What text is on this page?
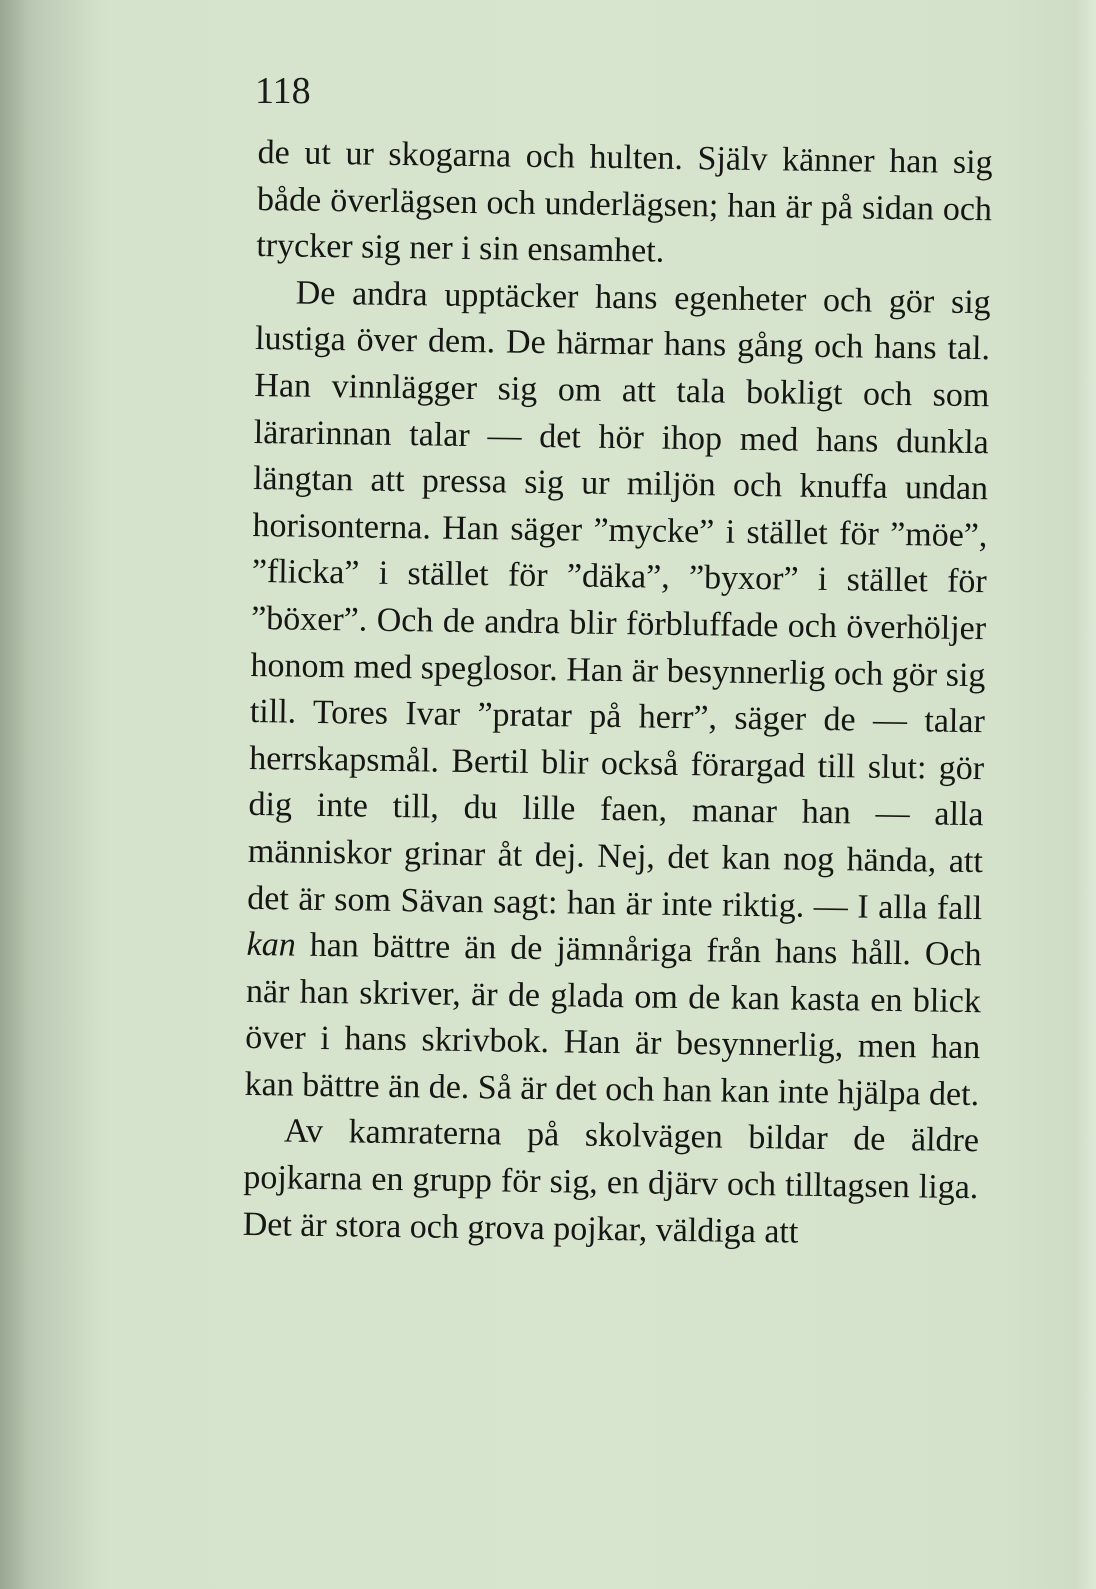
118

de ut ur skogarna och hulten. Själv känner han sig både överlägsen och underlägsen; han är på sidan och trycker sig ner i sin ensamhet.

De andra upptäcker hans egenheter och gör sig lustiga över dem. De härmar hans gång och hans tal. Han vinnlägger sig om att tala bokligt och som lärarinnan talar — det hör ihop med hans dunkla längtan att pressa sig ur miljön och knuffa undan horisonterna. Han säger ”mycke” i stället för ”möe”, ”flicka” i stället för ”däka”, ”byxor” i stället för ”böxer”. Och de andra blir förbluffade och överhöljer honom med speglosor. Han är besynnerlig och gör sig till. Tores Ivar ”pratar på herr”, säger de — talar herrskapsmål. Bertil blir också förargad till slut: gör dig inte till, du lille faen, manar han — alla människor grinar åt dej. Nej, det kan nog hända, att det är som Sävan sagt: han är inte riktig. — I alla fall kan han bättre än de jämnåriga från hans håll. Och när han skriver, är de glada om de kan kasta en blick över i hans skrivbok. Han är besynnerlig, men han kan bättre än de. Så är det och han kan inte hjälpa det.

Av kamraterna på skolvägen bildar de äldre pojkarna en grupp för sig, en djärv och tilltagsen liga. Det är stora och grova pojkar, väldiga att
